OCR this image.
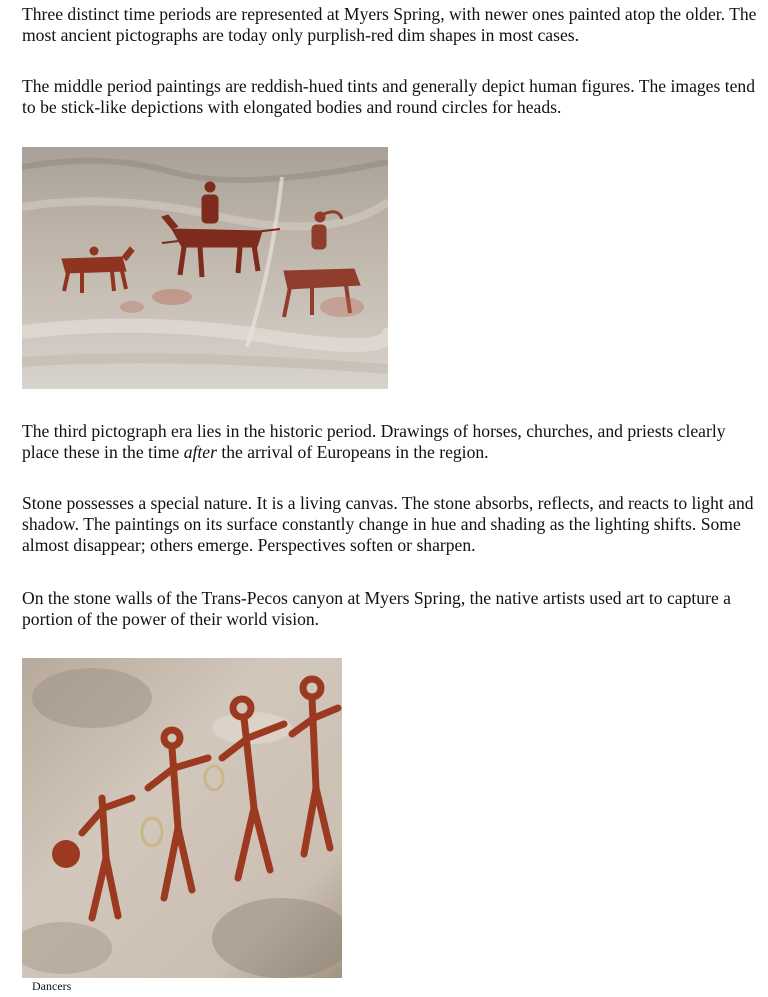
Three distinct time periods are represented at Myers Spring, with newer ones painted atop the older. The most ancient pictographs are today only purplish-red dim shapes in most cases.

The middle period paintings are reddish-hued tints and generally depict human figures. The images tend to be stick-like depictions with elongated bodies and round circles for heads.

The third pictograph era lies in the historic period. Drawings of horses, churches, and priests clearly place these in the time after the arrival of Europeans in the region.

Stone possesses a special nature. It is a living canvas. The stone absorbs, reflects, and reacts to light and shadow. The paintings on its surface constantly change in hue and shading as the lighting shifts. Some almost disappear; others emerge. Perspectives soften or sharpen.

On the stone walls of the Trans-Pecos canyon at Myers Spring, the native artists used art to capture a portion of the power of their world vision.

Dancers
